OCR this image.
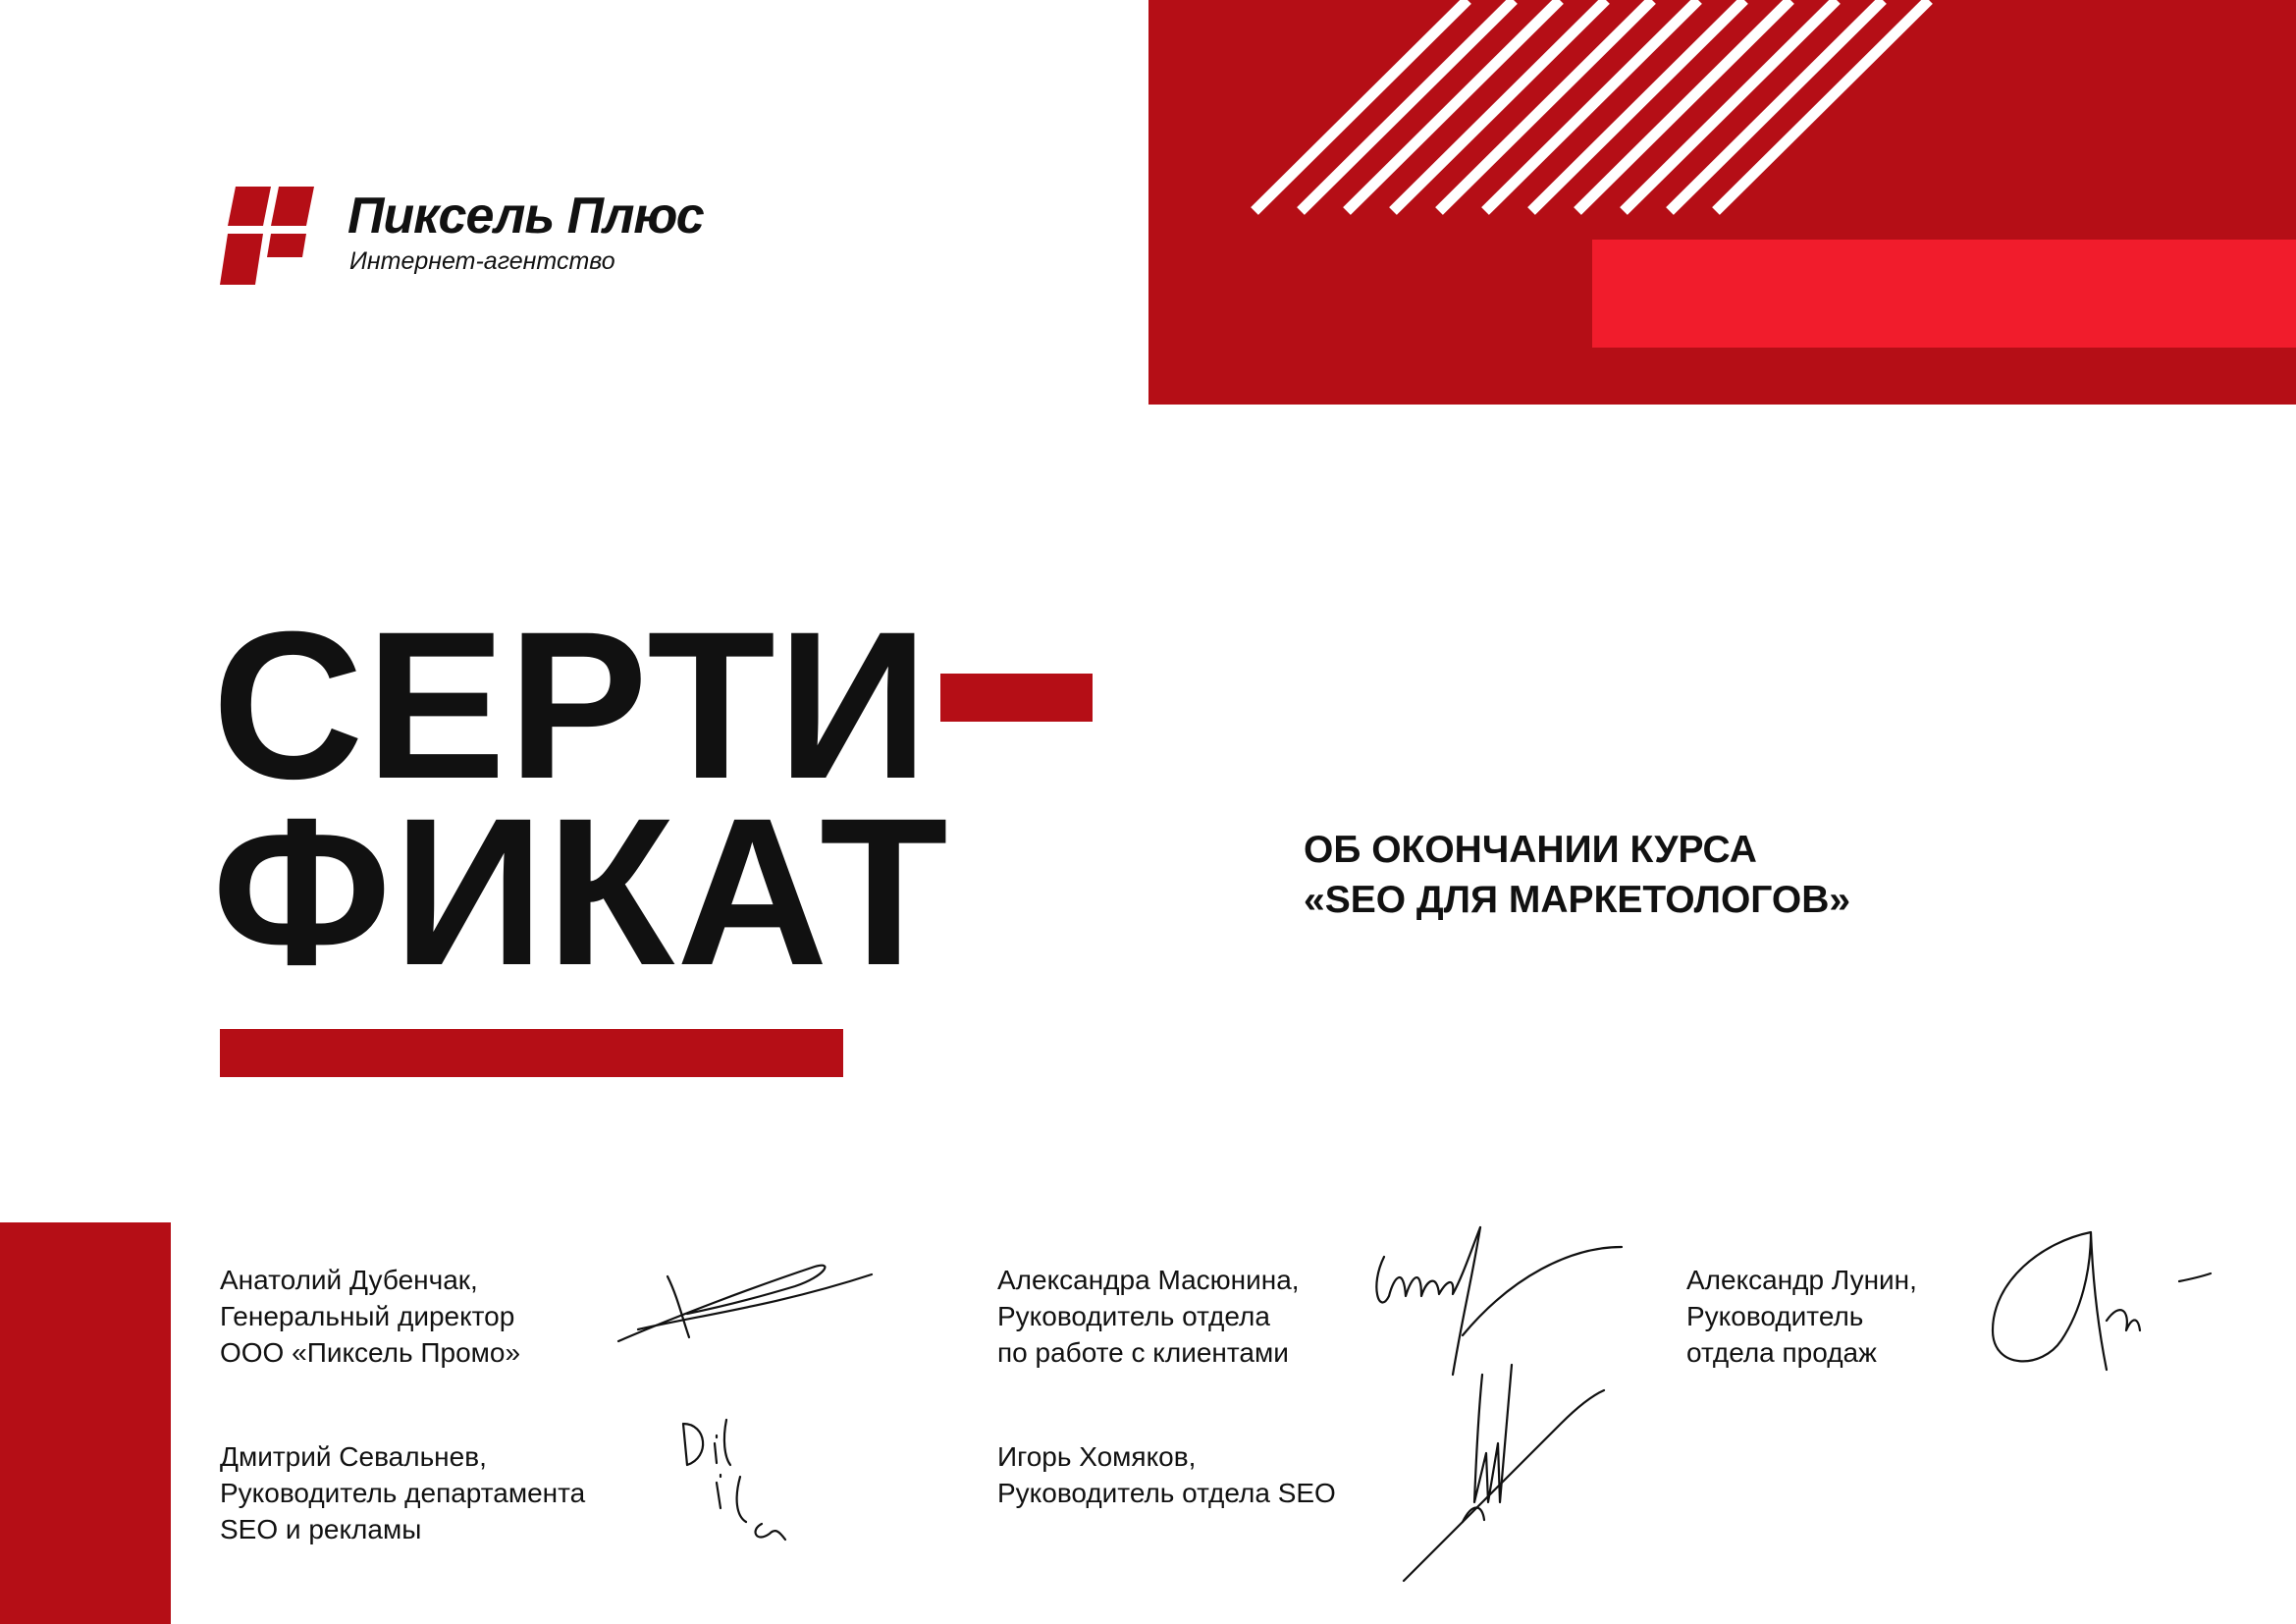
Пиксель Плюс
Интернет-агентство
СЕРТИ
ФИКАТ	ОБ ОКОНЧАНИИ КУРСА
«SEO ДЛЯ МАРКЕТОЛОГОВ»
Анатолий Дубенчак,
Генеральный директор
ООО «Пиксель Промо»
Александра Масюнина,
Руководитель отдела
по работе с клиентами
Александр Лунин,
Руководитель
отдела продаж
Дмитрий Севальнев,
Руководитель департамента
SEO и рекламы
Игорь Хомяков,
Руководитель отдела SEO
